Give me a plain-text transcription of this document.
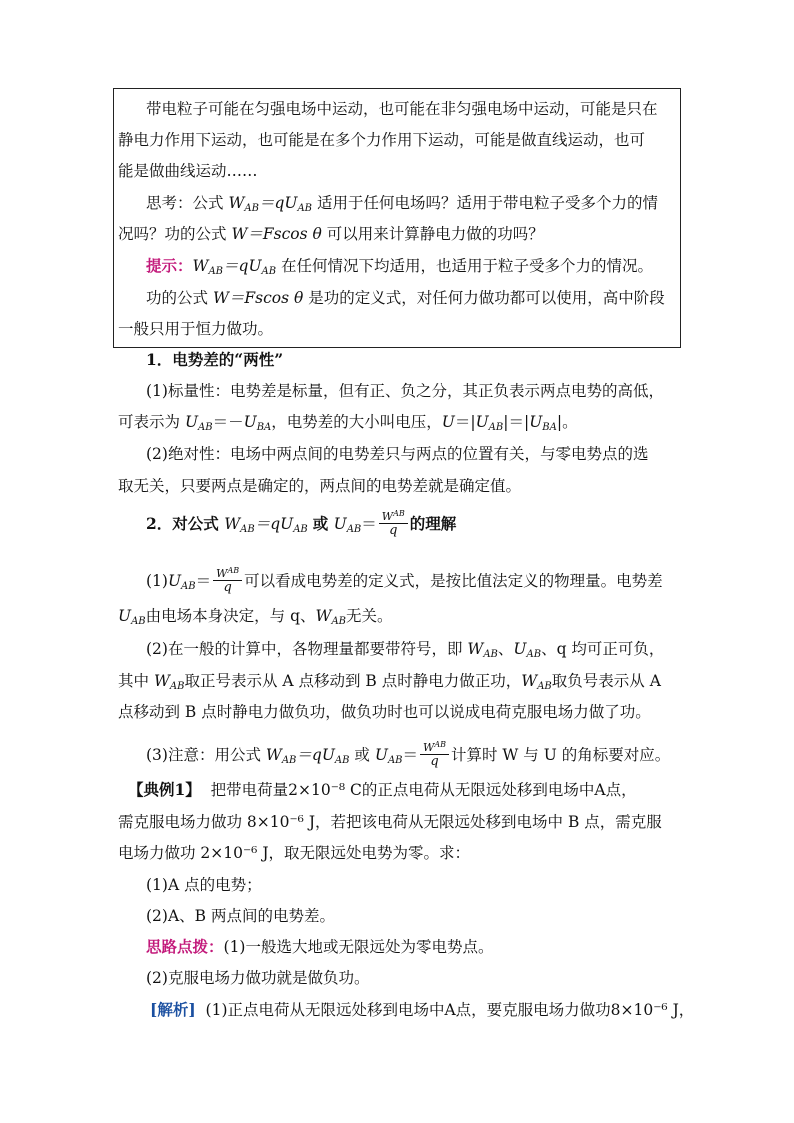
带电粒子可能在匀强电场中运动，也可能在非匀强电场中运动，可能是只在
静电力作用下运动，也可能是在多个力作用下运动，可能是做直线运动，也可
能是做曲线运动……
思考：公式 $W_{AB}=qU_{AB}$ 适用于任何电场吗？适用于带电粒子受多个力的情
况吗？功的公式 W＝Fscos θ 可以用来计算静电力做的功吗？
提示：$W_{AB}=qU_{AB}$ 在任何情况下均适用，也适用于粒子受多个力的情况。
功的公式 W＝Fscos θ 是功的定义式，对任何力做功都可以使用，高中阶段
一般只用于恒力做功。
1．电势差的“两性”
(1)标量性：电势差是标量，但有正、负之分，其正负表示两点电势的高低，
可表示为 $U_{AB}=-U_{BA}$，电势差的大小叫电压，$U=|U_{AB}|=|U_{BA}|$。
(2)绝对性：电场中两点间的电势差只与两点的位置有关，与零电势点的选
取无关，只要两点是确定的，两点间的电势差就是确定值。
2．对公式 $W_{AB}=qU_{AB}$ 或 $U_{AB}= \frac{W^{AB}}{q}$ 的理解
$(1)U_{AB}= \frac{W^{AB}}{q}$ 可以看成电势差的定义式，是按比值法定义的物理量。电势差
$U_{AB}$由电场本身决定，与 q、$W_{AB}$无关。
(2)在一般的计算中，各物理量都要带符号，即 $W_{AB}$、$U_{AB}$、q 均可正可负，
其中 $W_{AB}$取正号表示从 A 点移动到 B 点时静电力做正功，$W_{AB}$取负号表示从 A
点移动到 B 点时静电力做负功，做负功时也可以说成电荷克服电场力做了功。
(3)注意：用公式 $W_{AB}=qU_{AB}$ 或 $U_{AB}= \frac{W^{AB}}{q}$ 计算时 W 与 U 的角标要对应。
【典例1】 把带电荷量2×10⁻⁸ C的正点电荷从无限远处移到电场中A点，
需克服电场力做功 8×10⁻⁶ J，若把该电荷从无限远处移到电场中 B 点，需克服
电场力做功 2×10⁻⁶ J，取无限远处电势为零。求：
(1)A 点的电势；
(2)A、B 两点间的电势差。
思路点拨：(1)一般选大地或无限远处为零电势点。
(2)克服电场力做功就是做负功。
[解析] (1)正点电荷从无限远处移到电场中A点，要克服电场力做功8×10⁻⁶ J，
